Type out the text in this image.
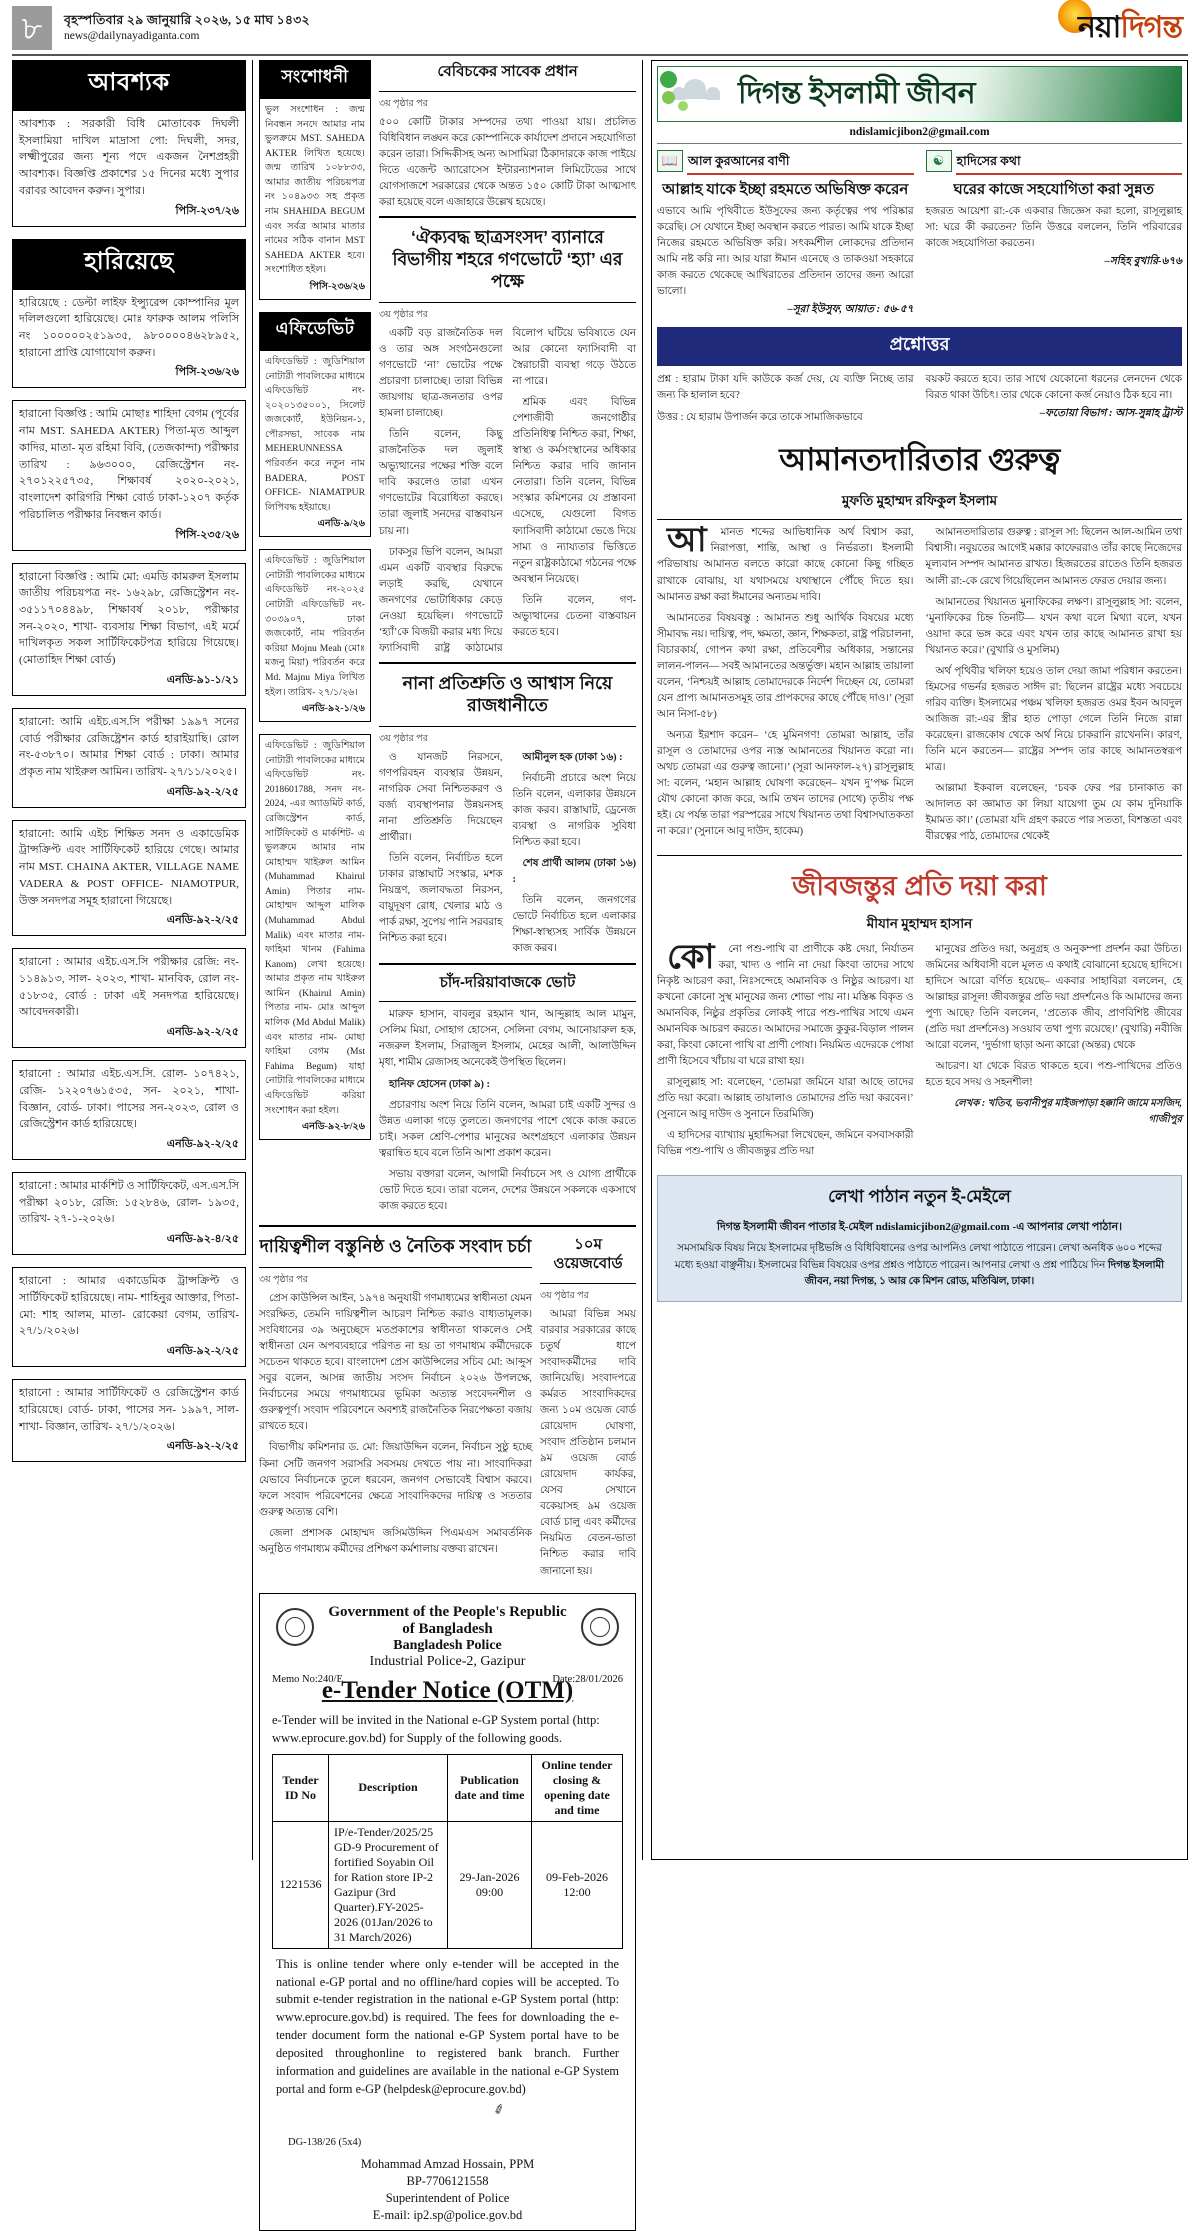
৮	বৃহস্পতিবার ২৯ জানুয়ারি ২০২৬, ১৫ মাঘ ১৪৩২
news@dailynayadiganta.com	নয়াদিগন্ত
আবশ্যক
আবশ্যক : সরকারী বিধি মোতাবেক দিঘলী ইসলামিয়া দাখিল মাদ্রাসা পো: দিঘলী, সদর, লক্ষ্মীপুরের জন্য শূন্য পদে একজন নৈশপ্রহরী আবশ্যক। বিজ্ঞপ্তি প্রকাশের ১৫ দিনের মধ্যে সুপার বরাবর আবেদন করুন। সুপার।
পিসি-২৩৭/২৬
হারিয়েছে
হারিয়েছে : ডেল্টা লাইফ ইন্স্যুরেন্স কোম্পানির মূল দলিলগুলো হারিয়েছে। মোঃ ফারুক আলম পলিসি নং ১০০০০০২৫১৯৩৫, ৯৮০০০০৪৬২৮৯৫২, হারানো প্রাপ্তি যোগাযোগ করুন।
পিসি-২৩৬/২৬
হারানো বিজ্ঞপ্তি : আমি মোছাঃ শাহিদা বেগম (পূর্বের নাম MST. SAHEDA AKTER) পিতা-মৃত আব্দুল কাদির, মাতা- মৃত রহিমা বিবি, (তেজকান্দা) পরীক্ষার তারিখ : ৯৬৩০০০, রেজিস্ট্রেশন নং- ২৭০১২২৫৭৩৫, শিক্ষাবর্ষ ২০২০-২০২১, বাংলাদেশ কারিগরি শিক্ষা বোর্ড ঢাকা-১২০৭ কর্তৃক পরিচালিত পরীক্ষার নিবন্ধন কার্ড।
পিসি-২৩৫/২৬
হারানো বিজ্ঞপ্তি : আমি মো: এমডি কামরুল ইসলাম জাতীয় পরিচয়পত্র নং- ১৬২৯৮, রেজিস্ট্রেশন নং- ৩৫১১৭০৪৪৯৮, শিক্ষাবর্ষ ২০১৮, পরীক্ষার সন-২০২০, শাখা- ব্যবসায় শিক্ষা বিভাগ, এই মর্মে দাখিলকৃত সকল সার্টিফিকেটপত্র হারিয়ে গিয়েছে। (মোতাহিদ শিক্ষা বোর্ড)
এনডি-৯১-১/২১
হারানো: আমি এইচ.এস.সি পরীক্ষা ১৯৯৭ সনের বোর্ড পরীক্ষার রেজিষ্ট্রেশন কার্ড হারাইয়াছি। রোল নং-৫৩৮৭০। আমার শিক্ষা বোর্ড : ঢাকা। আমার প্রকৃত নাম খাইরুল আমিন। তারিখ- ২৭/১১/২০২৫।
এনডি-৯২-২/২৫
হারানো: আমি এইচ শিক্ষিত সনদ ও একাডেমিক ট্রান্সক্রিপ্ট এবং সার্টিফিকেট হারিয়ে গেছে। আমার নাম MST. CHAINA AKTER, VILLAGE NAME VADERA & POST OFFICE- NIAMOTPUR, উক্ত সনদপত্র সমূহ হারানো গিয়েছে।
এনডি-৯২-২/২৫
হারানো : আমার এইচ.এস.সি পরীক্ষার রেজি: নং- ১১৪৯১৩, সাল- ২০২৩, শাখা- মানবিক, রোল নং- ৫১৮৩৫, বোর্ড : ঢাকা এই সনদপত্র হারিয়েছে। আবেদনকারী।
এনডি-৯২-২/২৫
হারানো : আমার এইচ.এস.সি. রোল- ১০৭৪২১, রেজি- ১২২০৭৬১৫৩৫, সন- ২০২১, শাখা- বিজ্ঞান, বোর্ড- ঢাকা। পাসের সন-২০২৩, রোল ও রেজিস্ট্রেশন কার্ড হারিয়েছে।
এনডি-৯২-২/২৫
হারানো : আমার মার্কশিট ও সার্টিফিকেট, এস.এস.সি পরীক্ষা ২০১৮, রেজি: ১৫২৮৪৬, রোল- ১৯৩৫, তারিখ- ২৭-১-২০২৬।
এনডি-৯২-৪/২৫
হারানো : আমার একাডেমিক ট্রান্সক্রিপ্ট ও সার্টিফিকেট হারিয়েছে। নাম- শাহিনুর আক্তার, পিতা- মো: শাহ আলম, মাতা- রোকেয়া বেগম, তারিখ- ২৭/১/২০২৬।
এনডি-৯২-২/২৫
হারানো : আমার সার্টিফিকেট ও রেজিস্ট্রেশন কার্ড হারিয়েছে। বোর্ড- ঢাকা, পাসের সন- ১৯৯৭, সাল- শাখা- বিজ্ঞান, তারিখ- ২৭/১/২০২৬।
এনডি-৯২-২/২৫
সংশোধনী
ভুল সংশোধন : জন্ম নিবন্ধন সনদে আমার নাম ভুলক্রমে MST. SAHEDA AKTER লিখিত হয়েছে। জন্ম তারিখ ১০৮৮৩৩, আমার জাতীয় পরিচয়পত্র নং ১০৪৯৩৩ সহ প্রকৃত নাম SHAHIDA BEGUM এবং সর্বত্র আমার মাতার নামের সঠিক বানান MST SAHEDA AKTER হবে। সংশোধিত হইল।
পিসি-২৩৬/২৬
এফিডেভিট
এফিডেভিট : জুডিশিয়াল নোটারী পাবলিকের মাধ্যমে এফিডেভিট নং- ২০২০১৩৫০০১, সিলেট জজকোর্ট, ইউনিয়ন-১, পৌরসভা, সাবেক নাম MEHERUNNESSA পরিবর্তন করে নতুন নাম BADERA, POST OFFICE- NIAMATPUR লিপিবদ্ধ হইয়াছে।
এনডি-৯/২৬
এফিডেভিট : জুডিশিয়াল নোটারী পাবলিকের মাধ্যমে এফিডেভিট নং-২০২৫ নোটারী এফিডেভিট নং- ৩০৩৯০৭, ঢাকা জজকোর্ট, নাম পরিবর্তন করিয়া Mojnu Meah (মোঃ মজনু মিয়া) পরিবর্তন করে Md. Majnu Miya লিখিত হইল। তারিখ- ২৭/১/২৬।
এনডি-৯২-১/২৬
এফিডেভিট : জুডিশিয়াল নোটারী পাবলিকের মাধ্যমে এফিডেভিট নং- 2018601788, সনদ নং- 2024, -এর অ্যাডমিট কার্ড, রেজিস্ট্রেশন কার্ড, সার্টিফিকেট ও মার্কশিট- এ ভুলক্রমে আমার নাম মোহাম্মদ খাইরুল আমিন (Muhammad Khairul Amin) পিতার নাম- মোহাম্মদ আব্দুল মালিক (Muhammad Abdul Malik) এবং মাতার নাম- ফাহিমা খানম (Fahima Kanom) লেখা হয়েছে। আমার প্রকৃত নাম খাইরুল আমিন (Khairul Amin) পিতার নাম- মোঃ আব্দুল মালিক (Md Abdul Malik) এবং মাতার নাম- মোছা ফাহিমা বেগম (Mst Fahima Begum) যাহা নোটারি পাবলিকের মাধ্যমে এফিডেভিট করিয়া সংশোধন করা হইল।
এনডি-৯২-৮/২৬
বেবিচকের সাবেক প্রধান
৩য় পৃষ্ঠার পর
৫০০ কোটি টাকার সম্পদের তথ্য পাওয়া যায়। প্রচলিত বিধিবিধান লঙ্ঘন করে কোম্পানিকে কার্যাদেশ প্রদানে সহযোগিতা করেন তারা। সিদ্দিকীসহ অন্য আসামিরা ঠিকাদারকে কাজ পাইয়ে দিতে এজেন্ট অ্যারোসেস ইন্টারন্যাশনাল লিমিটেডের সাথে যোগসাজশে সরকারের থেকে অন্তত ১৫০ কোটি টাকা আত্মসাৎ করা হয়েছে বলে এজাহারে উল্লেখ হয়েছে।
‘ঐক্যবদ্ধ ছাত্রসংসদ’ ব্যানারে বিভাগীয় শহরে গণভোটে ‘হ্যা’ এর পক্ষে
৩য় পৃষ্ঠার পর

একটি বড় রাজনৈতিক দল ও তার অঙ্গ সংগঠনগুলো গণভোটে ‘না’ ভোটের পক্ষে প্রচারণা চালাচ্ছে। তারা বিভিন্ন জায়গায় ছাত্র-জনতার ওপর হামলা চালাচ্ছে।

তিনি বলেন, কিছু রাজনৈতিক দল জুলাই অভ্যুত্থানের পক্ষের শক্তি বলে দাবি করলেও তারা এখন গণভোটের বিরোধিতা করছে। তারা জুলাই সনদের বাস্তবায়ন চায় না।

ঢাকসুর ভিপি বলেন, আমরা এমন একটি ব্যবস্থার বিরুদ্ধে লড়াই করছি, যেখানে জনগণের ভোটাধিকার কেড়ে নেওয়া হয়েছিল। গণভোটে ‘হ্যাঁ’কে বিজয়ী করার মধ্য দিয়ে ফ্যাসিবাদী রাষ্ট্র কাঠামোর বিলোপ ঘটিয়ে ভবিষ্যতে যেন আর কোনো ফ্যাসিবাদী বা স্বৈরাচারী ব্যবস্থা গড়ে উঠতে না পারে।

শ্রমিক এবং বিভিন্ন পেশাজীবী জনগোষ্ঠীর প্রতিনিধিত্ব নিশ্চিত করা, শিক্ষা, স্বাস্থ্য ও কর্মসংস্থানের অধিকার নিশ্চিত করার দাবি জানান নেতারা। তিনি বলেন, বিভিন্ন সংস্কার কমিশনের যে প্রস্তাবনা এসেছে, যেগুলো বিগত ফ্যাসিবাদী কাঠামো ভেঙে দিয়ে সাম্য ও ন্যায্যতার ভিত্তিতে নতুন রাষ্ট্রকাঠামো গঠনের পক্ষে অবস্থান নিয়েছে।

তিনি বলেন, গণ-অভ্যুত্থানের চেতনা বাস্তবায়ন করতে হবে।

নানা প্রতিশ্রুতি ও আশ্বাস নিয়ে রাজধানীতে
৩য় পৃষ্ঠার পর

ও যানজট নিরসনে, গণপরিবহন ব্যবস্থার উন্নয়ন, নাগরিক সেবা নিশ্চিতকরণ ও বর্জ্য ব্যবস্থাপনার উন্নয়নসহ নানা প্রতিশ্রুতি দিয়েছেন প্রার্থীরা।

তিনি বলেন, নির্বাচিত হলে ঢাকার রাস্তাঘাট সংস্কার, মশক নিয়ন্ত্রণ, জলাবদ্ধতা নিরসন, বায়ুদূষণ রোধ, খেলার মাঠ ও পার্ক রক্ষা, সুপেয় পানি সরবরাহ নিশ্চিত করা হবে।

আমীনুল হক (ঢাকা ১৬) :

নির্বাচনী প্রচারে অংশ নিয়ে তিনি বলেন, এলাকার উন্নয়নে কাজ করব। রাস্তাঘাট, ড্রেনেজ ব্যবস্থা ও নাগরিক সুবিধা নিশ্চিত করা হবে।

শেষ প্রার্থী আলম (ঢাকা ১৬) :

তিনি বলেন, জনগণের ভোটে নির্বাচিত হলে এলাকার শিক্ষা-স্বাস্থ্যসহ সার্বিক উন্নয়নে কাজ করব।

চাঁদ-দরিয়াবাজকে ভোট

মারুফ হাসান, বাবলুর রহমান খান, আব্দুল্লাহ আল মামুন, সেলিম মিয়া, সোহাগ হোসেন, সেলিনা বেগম, আনোয়ারুল হক, নজরুল ইসলাম, সিরাজুল ইসলাম, মেহের আলী, আলাউদ্দিন মৃধা, শামীম রেজাসহ অনেকেই উপস্থিত ছিলেন।

হানিফ হোসেন (ঢাকা ৯) :

প্রচারণায় অংশ নিয়ে তিনি বলেন, আমরা চাই একটি সুন্দর ও উন্নত এলাকা গড়ে তুলতে। জনগণের পাশে থেকে কাজ করতে চাই। সকল শ্রেণি-পেশার মানুষের অংশগ্রহণে এলাকার উন্নয়ন ত্বরান্বিত হবে বলে তিনি আশা প্রকাশ করেন।

সভায় বক্তারা বলেন, আগামী নির্বাচনে সৎ ও যোগ্য প্রার্থীকে ভোট দিতে হবে। তারা বলেন, দেশের উন্নয়নে সকলকে একসাথে কাজ করতে হবে।

দায়িত্বশীল বস্তুনিষ্ঠ ও নৈতিক সংবাদ চর্চা
৩য় পৃষ্ঠার পর

প্রেস কাউন্সিল আইন, ১৯৭৪ অনুযায়ী গণমাধ্যমের স্বাধীনতা যেমন সংরক্ষিত, তেমনি দায়িত্বশীল আচরণ নিশ্চিত করাও বাধ্যতামূলক। সংবিধানের ৩৯ অনুচ্ছেদে মতপ্রকাশের স্বাধীনতা থাকলেও সেই স্বাধীনতা যেন অপব্যবহারে পরিণত না হয় তা গণমাধ্যম কর্মীদেরকে সচেতন থাকতে হবে। বাংলাদেশ প্রেস কাউন্সিলের সচিব মো: আব্দুস সবুর বলেন, আসন্ন জাতীয় সংসদ নির্বাচন ২০২৬ উপলক্ষে, নির্বাচনের সময়ে গণমাধ্যমের ভূমিকা অত্যন্ত সংবেদনশীল ও গুরুত্বপূর্ণ। সংবাদ পরিবেশনে অবশ্যই রাজনৈতিক নিরপেক্ষতা বজায় রাখতে হবে।

বিভাগীয় কমিশনার ড. মো: জিয়াউদ্দিন বলেন, নির্বাচন সুষ্ঠু হচ্ছে কিনা সেটি জনগণ সরাসরি সবসময় দেখতে পায় না। সাংবাদিকরা যেভাবে নির্বাচনকে তুলে ধরবেন, জনগণ সেভাবেই বিশ্বাস করবে। ফলে সংবাদ পরিবেশনের ক্ষেত্রে সাংবাদিকদের দায়িত্ব ও সততার গুরুত্ব অত্যন্ত বেশি।

জেলা প্রশাসক মোহাম্মদ জসিমউদ্দিন পিএমএস সমাবর্তনিক অনুষ্ঠিত গণমাধ্যম কর্মীদের প্রশিক্ষণ কর্মশালায় বক্তব্য রাখেন।

১০ম ওয়েজবোর্ড
৩য় পৃষ্ঠার পর

আমরা বিভিন্ন সময় বারবার সরকারের কাছে চতুর্থ ধাপে সংবাদকর্মীদের দাবি জানিয়েছি। সংবাদপত্রে কর্মরত সাংবাদিকদের জন্য ১০ম ওয়েজ বোর্ড রোয়েদাদ ঘোষণা, সংবাদ প্রতিষ্ঠান চলমান ৯ম ওয়েজ বোর্ড রোয়েদাদ কার্যকর, যেসব সেখানে বকেয়াসহ ৯ম ওয়েজ বোর্ড চালু এবং কর্মীদের নিয়মিত বেতন-ভাতা নিশ্চিত করার দাবি জানানো হয়।

Government of the People's Republic of Bangladesh
Bangladesh Police
Industrial Police-2, Gazipur
Memo No:240/E	Date:28/01/2026
e-Tender Notice (OTM)
e-Tender will be invited in the National e-GP System portal (http: www.eprocure.gov.bd) for Supply of the following goods.
Tender ID No	Description	Publication date and time	Online tender closing & opening date and time
1221536	IP/e-Tender/2025/25 GD-9 Procurement of fortified Soyabin Oil for Ration store IP-2 Gazipur (3rd Quarter).FY-2025-2026 (01Jan/2026 to 31 March/2026)	29-Jan-2026 09:00	09-Feb-2026 12:00
This is online tender where only e-tender will be accepted in the national e-GP portal and no offline/hard copies will be accepted. To submit e-tender registration in the national e-GP System portal (http: www.eprocure.gov.bd) is required. The fees for downloading the e-tender document form the national e-GP System portal have to be deposited throughonline to registered bank branch. Further information and guidelines are available in the national e-GP System portal and form e-GP (helpdesk@eprocure.gov.bd)
✐
DG-138/26 (5x4)
Mohammad Amzad Hossain, PPM
BP-7706121558
Superintendent of Police
E-mail: ip2.sp@police.gov.bd
দিগন্ত ইসলামী জীবন
ndislamicjibon2@gmail.com
📖 আল কুরআনের বাণী
আল্লাহ যাকে ইচ্ছা রহমতে অভিষিক্ত করেন
এভাবে আমি পৃথিবীতে ইউসুফের জন্য কর্তৃত্বের পথ পরিষ্কার করেছি। সে যেখানে ইচ্ছা অবস্থান করতে পারত। আমি যাকে ইচ্ছা নিজের রহমতে অভিষিক্ত করি। সৎকর্মশীল লোকদের প্রতিদান আমি নষ্ট করি না। আর যারা ঈমান এনেছে ও তাকওয়া সহকারে কাজ করতে থেকেছে আখিরাতের প্রতিদান তাদের জন্য আরো ভালো।
–সূরা ইউসুফ, আয়াত : ৫৬-৫৭
☯ হাদিসের কথা
ঘরের কাজে সহযোগিতা করা সুন্নত
হজরত আয়েশা রা:-কে একবার জিজ্ঞেস করা হলো, রাসূলুল্লাহ সা: ঘরে কী করতেন? তিনি উত্তরে বললেন, তিনি পরিবারের কাজে সহযোগিতা করতেন।
–সহিহ বুখারি-৬৭৬
প্রশ্নোত্তর
প্রশ্ন : হারাম টাকা যদি কাউকে কর্জ দেয়, যে ব্যক্তি নিচ্ছে তার জন্য কি হালাল হবে?
উত্তর : যে হারাম উপার্জন করে তাকে সামাজিকভাবে
বয়কট করতে হবে। তার সাথে যেকোনো ধরনের লেনদেন থেকে বিরত থাকা উচিৎ। তার থেকে কোনো কর্জ নেয়াও ঠিক হবে না।
–ফতোয়া বিভাগ : আস-সুন্নাহ ট্রাস্ট
আমানতদারিতার গুরুত্ব
মুফতি মুহাম্মদ রফিকুল ইসলাম

আমানত শব্দের আভিধানিক অর্থ বিশ্বাস করা, নিরাপত্তা, শান্তি, আস্থা ও নির্ভরতা। ইসলামী পরিভাষায় আমানত বলতে কারো কাছে কোনো কিছু গচ্ছিত রাখাকে বোঝায়, যা যথাসময়ে যথাস্থানে পৌঁছে দিতে হয়। আমানত রক্ষা করা ঈমানের অন্যতম দাবি।

আমানতের বিষয়বস্তু : আমানত শুধু আর্থিক বিষয়ের মধ্যে সীমাবদ্ধ নয়। দায়িত্ব, পদ, ক্ষমতা, জ্ঞান, শিক্ষকতা, রাষ্ট্র পরিচালনা, বিচারকার্য, গোপন কথা রক্ষা, প্রতিবেশীর অধিকার, সন্তানের লালন-পালন— সবই আমানতের অন্তর্ভুক্ত। মহান আল্লাহ তায়ালা বলেন, ‘নিশ্চয়ই আল্লাহ তোমাদেরকে নির্দেশ দিচ্ছেন যে, তোমরা যেন প্রাপ্য আমানতসমূহ তার প্রাপকদের কাছে পৌঁছে দাও।’ (সূরা আন নিসা-৫৮)

অন্যত্র ইরশাদ করেন– ‘হে মুমিনগণ! তোমরা আল্লাহ, তাঁর রাসূল ও তোমাদের ওপর ন্যস্ত আমানতের খিয়ানত করো না। অথচ তোমরা এর গুরুত্ব জানো।’ (সূরা আনফাল-২৭) রাসূলুল্লাহ সা: বলেন, ‘মহান আল্লাহ ঘোষণা করেছেন– যখন দু’পক্ষ মিলে যৌথ কোনো কাজ করে, আমি তখন তাদের (সাথে) তৃতীয় পক্ষ হই। যে পর্যন্ত তারা পরস্পরের সাথে খিয়ানত তথা বিশ্বাসঘাতকতা না করে।’ (সুনানে আবু দাউদ, হাকেম)

আমানতদারিতার গুরুত্ব : রাসূল সা: ছিলেন আল-আমিন তথা বিশ্বাসী। নবুয়তের আগেই মক্কার কাফেররাও তাঁর কাছে নিজেদের মূল্যবান সম্পদ আমানত রাখত। হিজরতের রাতেও তিনি হজরত আলী রা:-কে রেখে গিয়েছিলেন আমানত ফেরত দেয়ার জন্য।

আমানতের খিয়ানত মুনাফিকের লক্ষণ। রাসূলুল্লাহ সা: বলেন, ‘মুনাফিকের চিহ্ন তিনটি— যখন কথা বলে মিথ্যা বলে, যখন ওয়াদা করে ভঙ্গ করে এবং যখন তার কাছে আমানত রাখা হয় খিয়ানত করে।’ (বুখারি ও মুসলিম)

অর্থ পৃথিবীর খলিফা হয়েও তাল দেয়া জামা পরিধান করতেন। হিমসের গভর্নর হজরত সাঈদ রা: ছিলেন রাষ্ট্রের মধ্যে সবচেয়ে গরিব ব্যক্তি। ইসলামের পঞ্চম খলিফা হজরত ওমর ইবন আবদুল আজিজ রা:-এর স্ত্রীর হাত পোড়া গেলে তিনি নিজে রান্না করেছেন। রাজকোষ থেকে অর্থ নিয়ে চাকরানি রাখেননি। কারণ, তিনি মনে করতেন— রাষ্ট্রের সম্পদ তার কাছে আমানতস্বরূপ মাত্র।

আল্লামা ইকবাল বলেছেন, ‘চবক ফের পর চানাকাত কা আদালত কা জ্ঞামাত কা লিয়া যায়েগা তুম যে কাম দুনিয়াকি ইমামত কা।’ (তোমরা যদি গ্রহণ করতে পার সততা, বিশস্ততা এবং বীরত্বের পাঠ, তোমাদের থেকেই

জীবজন্তুর প্রতি দয়া করা
মীযান মুহাম্মদ হাসান

কোনো পশু-পাখি বা প্রাণীকে কষ্ট দেয়া, নির্যাতন করা, খাদ্য ও পানি না দেয়া কিংবা তাদের সাথে নিকৃষ্ট আচরণ করা, নিঃসন্দেহে অমানবিক ও নিষ্ঠুর আচরণ। যা কখনো কোনো সুস্থ মানুষের জন্য শোভা পায় না। মস্তিষ্ক বিকৃত ও অমানবিক, নিষ্ঠুর প্রকৃতির লোকই পারে পশু-পাখির সাথে এমন অমানবিক আচরণ করতে। আমাদের সমাজে কুকুর-বিড়াল পালন করা, কিংবা কোনো পাখি বা প্রাণী পোষা। নিয়মিত এদেরকে পোষা প্রাণী হিসেবে খাঁচায় বা ঘরে রাখা হয়।

রাসূলুল্লাহ সা: বলেছেন, ‘তোমরা জমিনে যারা আছে তাদের প্রতি দয়া করো। আল্লাহ তায়ালাও তোমাদের প্রতি দয়া করবেন।’ (সুনানে আবু দাউদ ও সুনানে তিরমিজি)

এ হাদিসের ব্যাখ্যায় মুহাদ্দিসরা লিখেছেন, জমিনে বসবাসকারী বিভিন্ন পশু-পাখি ও জীবজন্তুর প্রতি দয়া

মানুষের প্রতিও দয়া, অনুগ্রহ ও অনুকম্পা প্রদর্শন করা উচিত। জমিনের অধিবাসী বলে মূলত এ কথাই বোঝানো হয়েছে হাদিসে। হাদিসে আরো বর্ণিত হয়েছে– একবার সাহাবিরা বললেন, হে আল্লাহর রাসূল! জীবজন্তুর প্রতি দয়া প্রদর্শনেও কি আমাদের জন্য পুণ্য আছে? তিনি বললেন, ‘প্রত্যেক জীব, প্রাণবিশিষ্ট জীবের (প্রতি দয়া প্রদর্শনেও) সওয়াব তথা পুণ্য রয়েছে।’ (বুখারি) নবীজি আরো বলেন, ‘দুর্ভাগা ছাড়া অন্য কারো (অন্তর) থেকে

আচরণ। যা থেকে বিরত থাকতে হবে। পশু-পাখিদের প্রতিও হতে হবে সদয় ও সহনশীল!

লেখক : খতিব, ভবানীপুর মাইজপাড়া হক্কানি জামে মসজিদ, গাজীপুর
লেখা পাঠান নতুন ই-মেইলে
দিগন্ত ইসলামী জীবন পাতার ই-মেইল ndislamicjibon2@gmail.com -এ আপনার লেখা পাঠান।
সমসাময়িক বিষয় নিয়ে ইসলামের দৃষ্টিভঙ্গি ও বিধিবিধানের ওপর আপনিও লেখা পাঠাতে পারেন। লেখা অনধিক ৬০০ শব্দের মধ্যে হওয়া বাঞ্ছনীয়। ইসলামের বিভিন্ন বিষয়ের ওপর প্রশ্নও পাঠাতে পারেন। আপনার লেখা ও প্রশ্ন পাঠিয়ে দিন দিগন্ত ইসলামী জীবন, নয়া দিগন্ত, ১ আর কে মিশন রোড, মতিঝিল, ঢাকা।
